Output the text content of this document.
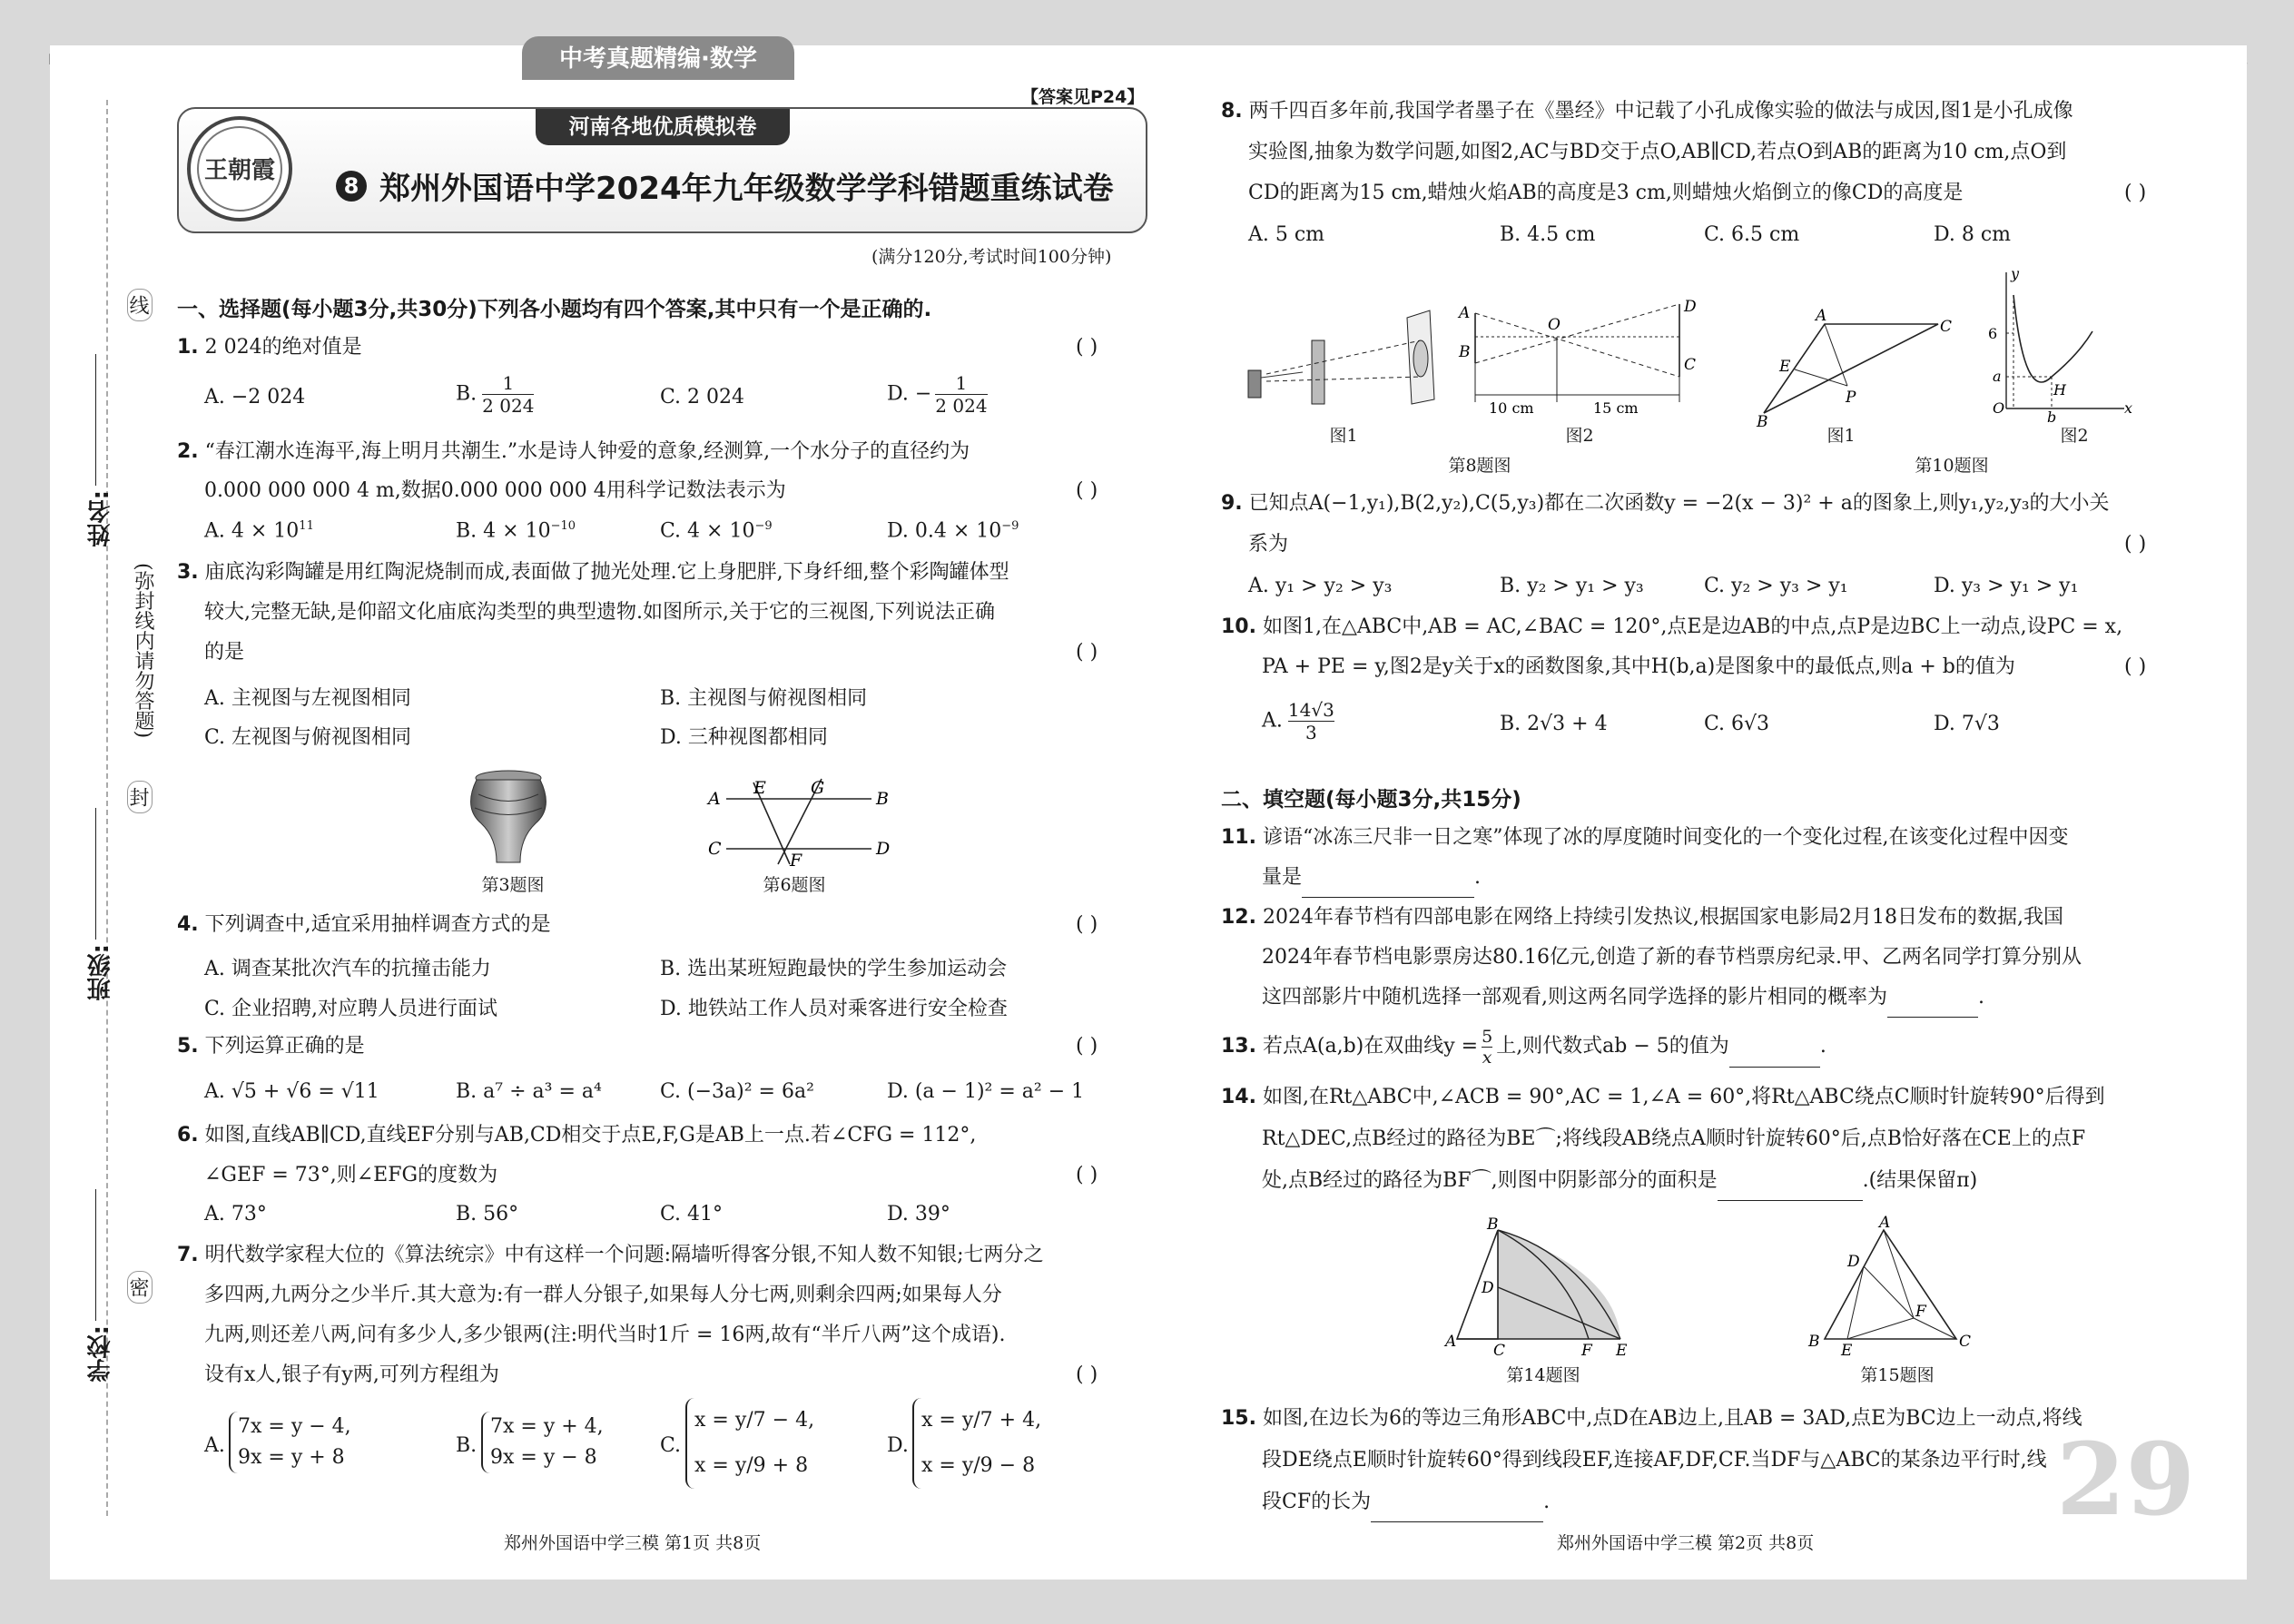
中考真题精编·数学
线
(弥封线内请勿答题)
封
密
姓名:
班级:
学校:
【答案见P24】
河南各地优质模拟卷
王朝霞
8 郑州外国语中学2024年九年级数学学科错题重练试卷
(满分120分,考试时间100分钟)
一、选择题(每小题3分,共30分)下列各小题均有四个答案,其中只有一个是正确的.
1. 2 024的绝对值是	( )
A. −2 024	B. $\frac{1}{2 024}$	C. 2 024	D. − $\frac{1}{2 024}$
2. “春江潮水连海平,海上明月共潮生.”水是诗人钟爱的意象,经测算,一个水分子的直径约为
0.000 000 000 4 m,数据0.000 000 000 4用科学记数法表示为	( )
A. $4 \times 10^{11}$	B. $4 \times 10^{-10}$	C. $4 \times 10^{-9}$	D. $0.4 \times 10^{-9}$
3. 庙底沟彩陶罐是用红陶泥烧制而成,表面做了抛光处理.它上身肥胖,下身纤细,整个彩陶罐体型
较大,完整无缺,是仰韶文化庙底沟类型的典型遗物.如图所示,关于它的三视图,下列说法正确
的是	( )
A. 主视图与左视图相同	B. 主视图与俯视图相同
C. 左视图与俯视图相同	D. 三种视图都相同
第3题图
A	B
C	D
E
F
G
第6题图
4. 下列调查中,适宜采用抽样调查方式的是	( )
A. 调查某批次汽车的抗撞击能力	B. 选出某班短跑最快的学生参加运动会
C. 企业招聘,对应聘人员进行面试	D. 地铁站工作人员对乘客进行安全检查
5. 下列运算正确的是	( )
A. √5 + √6 = √11	B. a⁷ ÷ a³ = a⁴	C. (−3a)² = 6a²	D. (a − 1)² = a² − 1
6. 如图,直线AB∥CD,直线EF分别与AB,CD相交于点E,F,G是AB上一点.若∠CFG = 112°,
∠GEF = 73°,则∠EFG的度数为	( )
A. 73°	B. 56°	C. 41°	D. 39°
7. 明代数学家程大位的《算法统宗》中有这样一个问题:隔墙听得客分银,不知人数不知银;七两分之
多四两,九两分之少半斤.其大意为:有一群人分银子,如果每人分七两,则剩余四两;如果每人分
九两,则还差八两,问有多少人,多少银两(注:明代当时1斤 = 16两,故有“半斤八两”这个成语).
设有x人,银子有y两,可列方程组为	( )
A.
7x = y − 4,
9x = y + 8
B.
7x = y + 4,
9x = y − 8
C.
x = y/7 − 4,
x = y/9 + 8
D.
x = y/7 + 4,
x = y/9 − 8
郑州外国语中学三模 第1页 共8页
8. 两千四百多年前,我国学者墨子在《墨经》中记载了小孔成像实验的做法与成因,图1是小孔成像
实验图,抽象为数学问题,如图2,AC与BD交于点O,AB∥CD,若点O到AB的距离为10 cm,点O到
CD的距离为15 cm,蜡烛火焰AB的高度是3 cm,则蜡烛火焰倒立的像CD的高度是	( )
A. 5 cm	B. 4.5 cm	C. 6.5 cm	D. 8 cm
图1
A
B
O
D
C
10 cm	15 cm
图2
第8题图
A
C
B
E
P
图1
6
a
b
H
O	x
y
图2
第10题图
9. 已知点A(−1,y₁),B(2,y₂),C(5,y₃)都在二次函数y = −2(x − 3)² + a的图象上,则y₁,y₂,y₃的大小关
系为	( )
A. y₁ > y₂ > y₃	B. y₂ > y₁ > y₃	C. y₂ > y₃ > y₁	D. y₃ > y₁ > y₁
10. 如图1,在△ABC中,AB = AC,∠BAC = 120°,点E是边AB的中点,点P是边BC上一动点,设PC = x,
PA + PE = y,图2是y关于x的函数图象,其中H(b,a)是图象中的最低点,则a + b的值为	( )
A. $\frac{14√3}{3}$	B. 2√3 + 4	C. 6√3	D. 7√3
二、填空题(每小题3分,共15分)
11. 谚语“冰冻三尺非一日之寒”体现了冰的厚度随时间变化的一个变化过程,在该变化过程中因变
量是	.
12. 2024年春节档有四部电影在网络上持续引发热议,根据国家电影局2月18日发布的数据,我国
2024年春节档电影票房达80.16亿元,创造了新的春节档票房纪录.甲、乙两名同学打算分别从
这四部影片中随机选择一部观看,则这两名同学选择的影片相同的概率为	.
13. 若点A(a,b)在双曲线$y = \frac{5}{x}$ 上,则代数式ab − 5的值为	.
14. 如图,在Rt△ABC中,∠ACB = 90°,AC = 1,∠A = 60°,将Rt△ABC绕点C顺时针旋转90°后得到
Rt△DEC,点B经过的路径为BE⌒;将线段AB绕点A顺时针旋转60°后,点B恰好落在CE上的点F
处,点B经过的路径为BF⌒,则图中阴影部分的面积是	.(结果保留π)
B
A C
D
F E
第14题图
A
B	C
D
E
F
第15题图
15. 如图,在边长为6的等边三角形ABC中,点D在AB边上,且AB = 3AD,点E为BC边上一动点,将线
段DE绕点E顺时针旋转60°得到线段EF,连接AF,DF,CF.当DF与△ABC的某条边平行时,线
段CF的长为	.	29
郑州外国语中学三模 第2页 共8页
